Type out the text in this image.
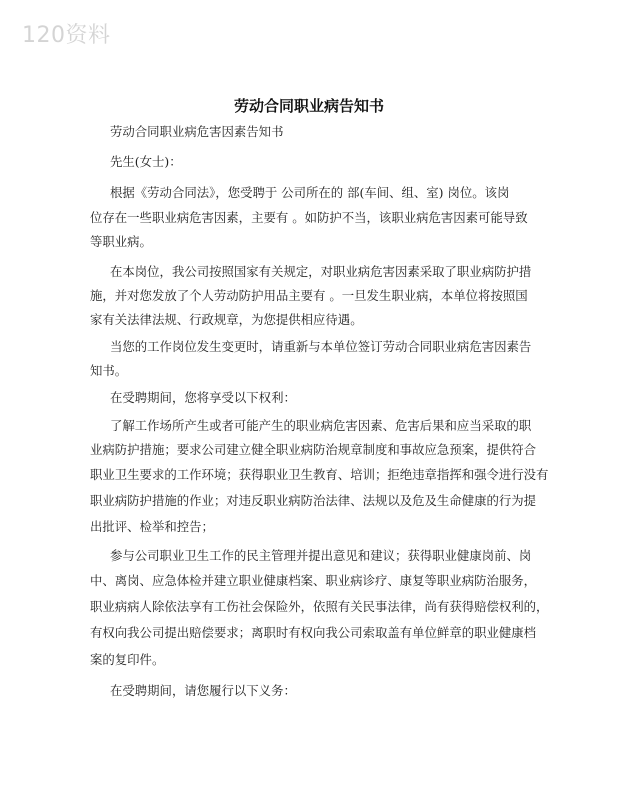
120资料
劳动合同职业病告知书
劳动合同职业病危害因素告知书
先生(女士)：
根据《劳动合同法》，您受聘于 公司所在的 部(车间、组、室) 岗位。该岗
位存在一些职业病危害因素，主要有 。如防护不当，该职业病危害因素可能导致
等职业病。
在本岗位，我公司按照国家有关规定，对职业病危害因素采取了职业病防护措
施，并对您发放了个人劳动防护用品主要有 。一旦发生职业病，本单位将按照国
家有关法律法规、行政规章，为您提供相应待遇。
当您的工作岗位发生变更时，请重新与本单位签订劳动合同职业病危害因素告
知书。
在受聘期间，您将享受以下权利：
了解工作场所产生或者可能产生的职业病危害因素、危害后果和应当采取的职
业病防护措施；要求公司建立健全职业病防治规章制度和事故应急预案，提供符合
职业卫生要求的工作环境；获得职业卫生教育、培训；拒绝违章指挥和强令进行没有
职业病防护措施的作业；对违反职业病防治法律、法规以及危及生命健康的行为提
出批评、检举和控告；
参与公司职业卫生工作的民主管理并提出意见和建议；获得职业健康岗前、岗
中、离岗、应急体检并建立职业健康档案、职业病诊疗、康复等职业病防治服务，
职业病病人除依法享有工伤社会保险外，依照有关民事法律，尚有获得赔偿权利的，
有权向我公司提出赔偿要求；离职时有权向我公司索取盖有单位鲜章的职业健康档
案的复印件。
在受聘期间，请您履行以下义务：
